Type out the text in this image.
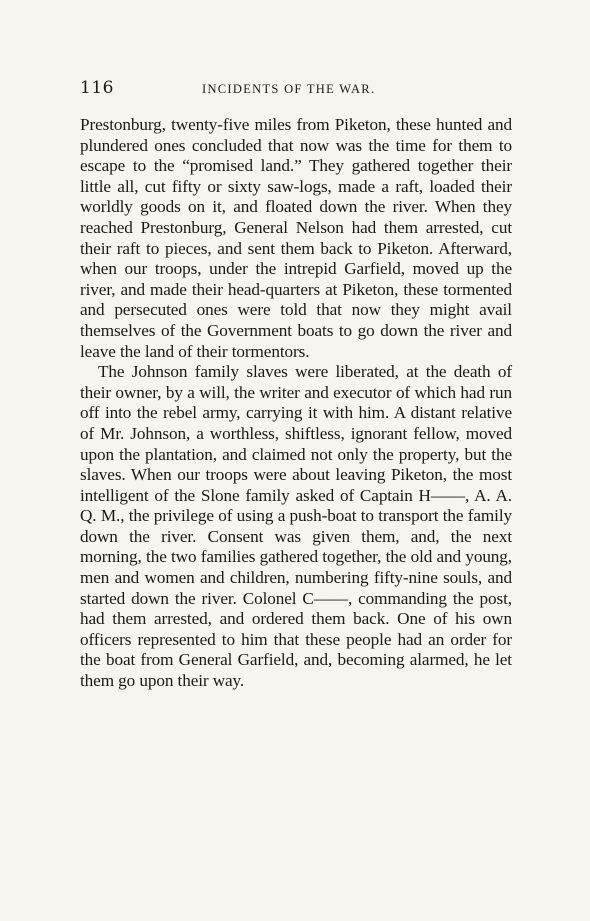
116	INCIDENTS OF THE WAR.

Prestonburg, twenty-five miles from Piketon, these hunted and plundered ones concluded that now was the time for them to escape to the “promised land.” They gathered together their little all, cut fifty or sixty saw-logs, made a raft, loaded their worldly goods on it, and floated down the river. When they reached Prestonburg, General Nelson had them arrested, cut their raft to pieces, and sent them back to Piketon. Afterward, when our troops, under the intrepid Garfield, moved up the river, and made their head-quarters at Piketon, these tormented and persecuted ones were told that now they might avail themselves of the Government boats to go down the river and leave the land of their tormentors.

The Johnson family slaves were liberated, at the death of their owner, by a will, the writer and executor of which had run off into the rebel army, carrying it with him. A distant relative of Mr. Johnson, a worthless, shiftless, ignorant fellow, moved upon the plantation, and claimed not only the property, but the slaves. When our troops were about leaving Piketon, the most intelligent of the Slone family asked of Captain H——, A. A. Q. M., the privilege of using a push-boat to transport the family down the river. Consent was given them, and, the next morning, the two families gathered together, the old and young, men and women and children, numbering fifty-nine souls, and started down the river. Colonel C——, commanding the post, had them arrested, and ordered them back. One of his own officers represented to him that these people had an order for the boat from General Garfield, and, becoming alarmed, he let them go upon their way.
